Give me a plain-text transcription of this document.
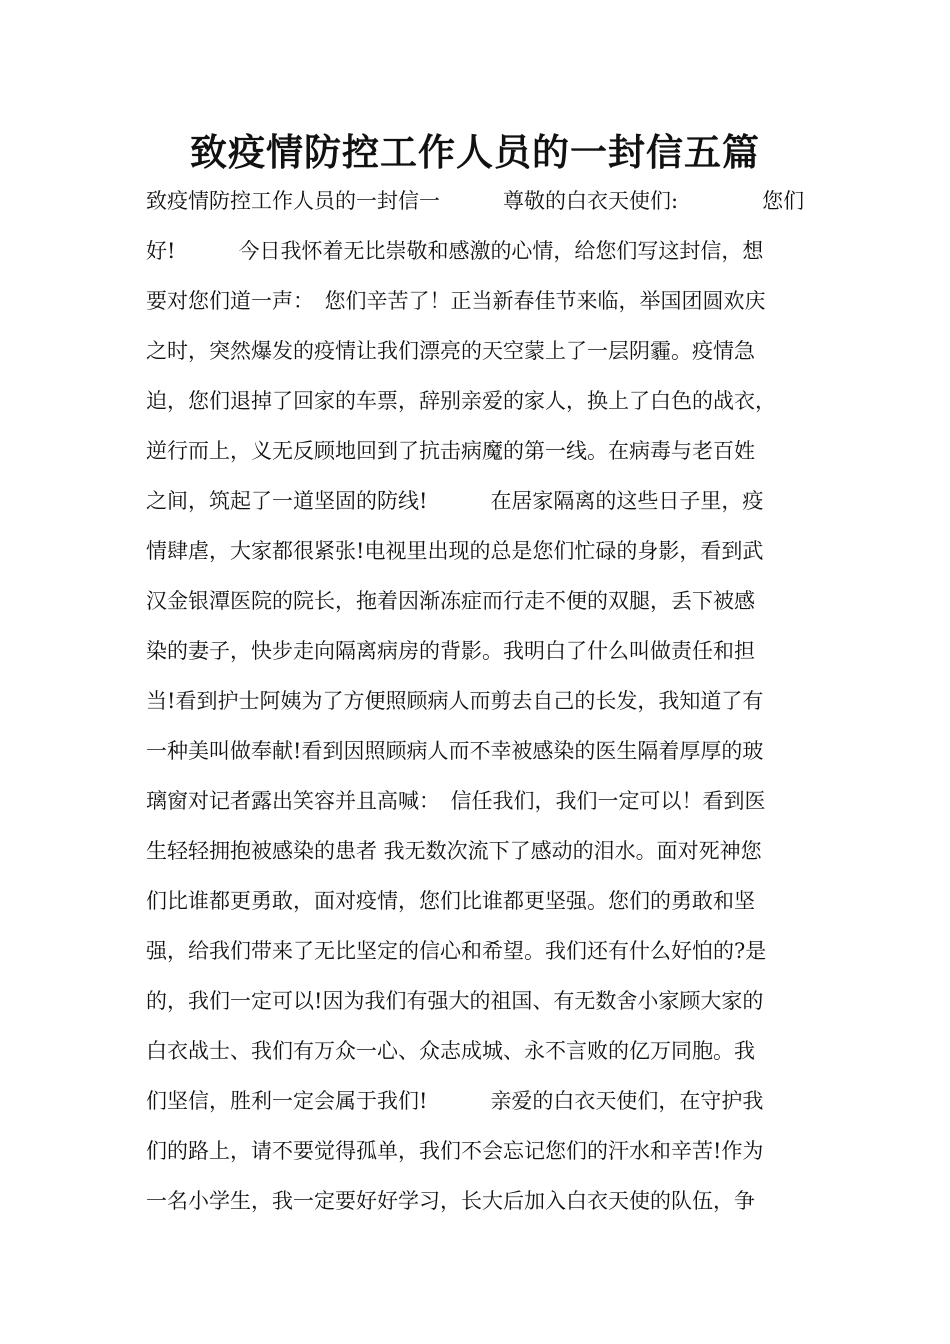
致疫情防控工作人员的一封信五篇
致疫情防控工作人员的一封信一　　　尊敬的白衣天使们:　　　　您们
好!　　　今日我怀着无比崇敬和感激的心情，给您们写这封信，想
要对您们道一声：　您们辛苦了！正当新春佳节来临，举国团圆欢庆
之时，突然爆发的疫情让我们漂亮的天空蒙上了一层阴霾。疫情急
迫，您们退掉了回家的车票，辞别亲爱的家人，换上了白色的战衣，
逆行而上，义无反顾地回到了抗击病魔的第一线。在病毒与老百姓
之间，筑起了一道坚固的防线!　　　在居家隔离的这些日子里，疫
情肆虐，大家都很紧张!电视里出现的总是您们忙碌的身影，看到武
汉金银潭医院的院长，拖着因渐冻症而行走不便的双腿，丢下被感
染的妻子，快步走向隔离病房的背影。我明白了什么叫做责任和担
当!看到护士阿姨为了方便照顾病人而剪去自己的长发，我知道了有
一种美叫做奉献!看到因照顾病人而不幸被感染的医生隔着厚厚的玻
璃窗对记者露出笑容并且高喊：　信任我们，我们一定可以！看到医
生轻轻拥抱被感染的患者 我无数次流下了感动的泪水。面对死神您
们比谁都更勇敢，面对疫情，您们比谁都更坚强。您们的勇敢和坚
强，给我们带来了无比坚定的信心和希望。我们还有什么好怕的?是
的，我们一定可以!因为我们有强大的祖国、有无数舍小家顾大家的
白衣战士、我们有万众一心、众志成城、永不言败的亿万同胞。我
们坚信，胜利一定会属于我们!　　　亲爱的白衣天使们，在守护我
们的路上，请不要觉得孤单，我们不会忘记您们的汗水和辛苦!作为
一名小学生，我一定要好好学习，长大后加入白衣天使的队伍，争
